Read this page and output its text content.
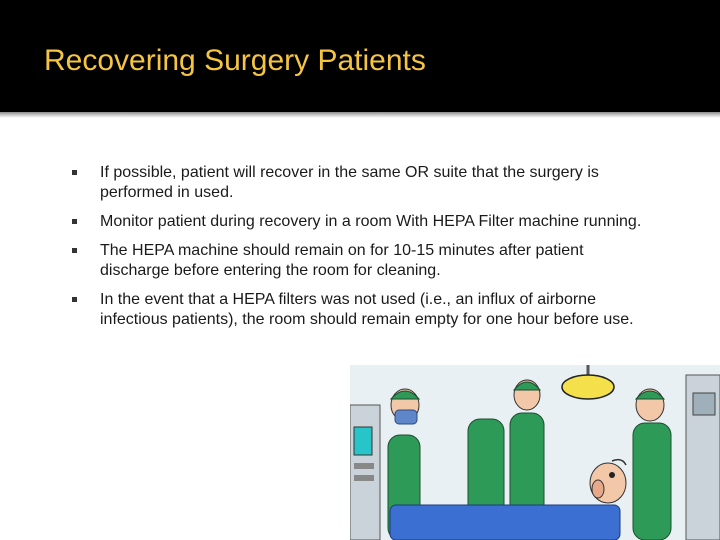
Recovering Surgery Patients
If possible, patient will recover in the same OR suite that the surgery is performed in used.
Monitor patient during recovery in a room With HEPA Filter machine running.
The HEPA machine should remain on for 10-15 minutes after patient discharge before entering the room for cleaning.
In the event that a HEPA filters was not used (i.e., an influx of airborne infectious patients), the room should remain empty for one hour before use.
